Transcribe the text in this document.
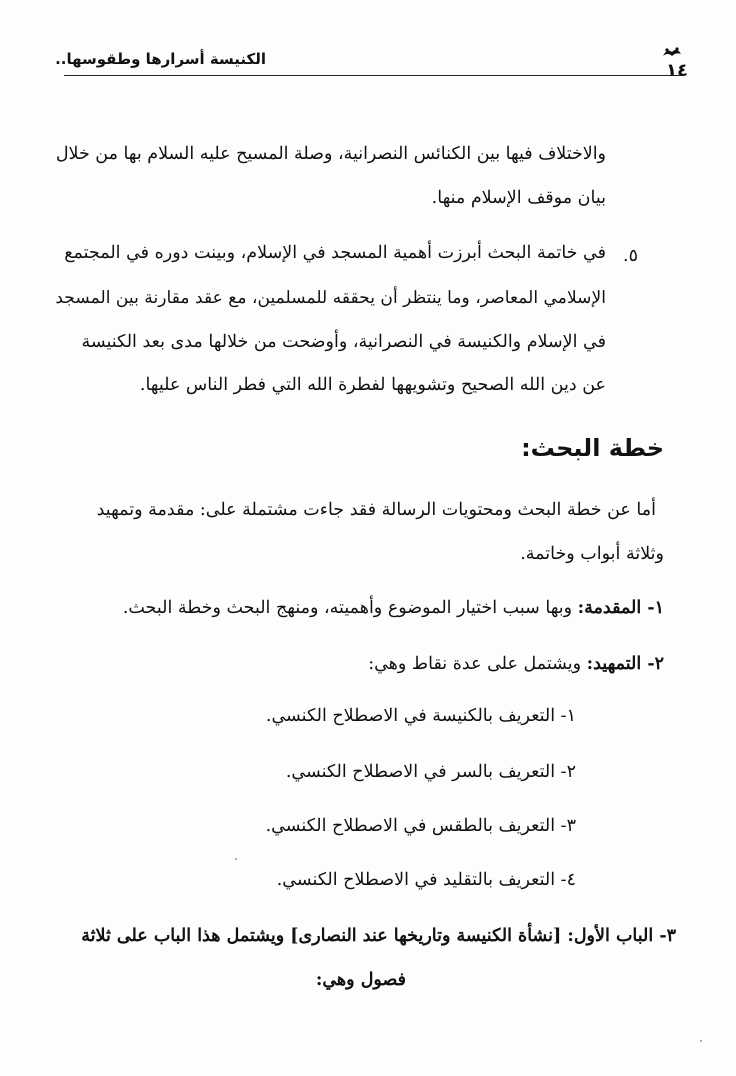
الكنيسة أسرارها وطقوسها..
١٤
والاختلاف فيها بين الكنائس النصرانية، وصلة المسيح عليه السلام بها من خلال
بيان موقف الإسلام منها.
٥.
في خاتمة البحث أبرزت أهمية المسجد في الإسلام، وبينت دوره في المجتمع
الإسلامي المعاصر، وما ينتظر أن يحققه للمسلمين، مع عقد مقارنة بين المسجد
في الإسلام والكنيسة في النصرانية، وأوضحت من خلالها مدى بعد الكنيسة
عن دين الله الصحيح وتشويهها لفطرة الله التي فطر الناس عليها.
خطة البحث:
أما عن خطة البحث ومحتويات الرسالة فقد جاءت مشتملة على: مقدمة وتمهيد
وثلاثة أبواب وخاتمة.
١- المقدمة: وبها سبب اختيار الموضوع وأهميته، ومنهج البحث وخطة البحث.
٢- التمهيد: ويشتمل على عدة نقاط وهي:
١- التعريف بالكنيسة في الاصطلاح الكنسي.
٢- التعريف بالسر في الاصطلاح الكنسي.
٣- التعريف بالطقس في الاصطلاح الكنسي.
٤- التعريف بالتقليد في الاصطلاح الكنسي.
٣- الباب الأول: [نشأة الكنيسة وتاريخها عند النصارى] ويشتمل هذا الباب على ثلاثة
فصول وهي:
